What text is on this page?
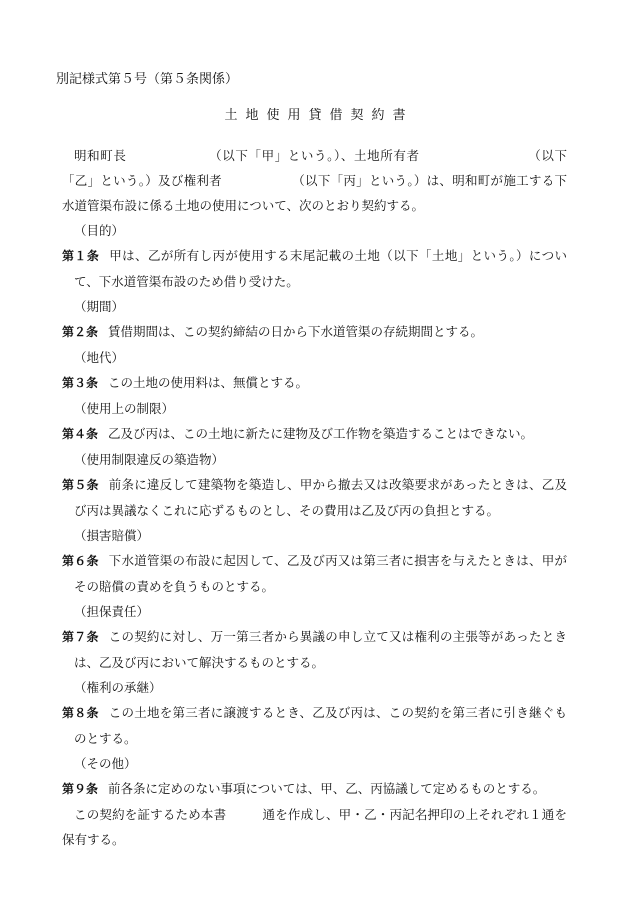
別記様式第５号（第５条関係）
土地使用貸借契約書

明和町長	（以下「甲」という。）、土地所有者	（以下「乙」という。）及び権利者	（以下「丙」という。）は、明和町が施工する下水道管渠布設に係る土地の使用について、次のとおり契約する。

（目的）

第１条 甲は、乙が所有し丙が使用する末尾記載の土地（以下「土地」という。）について、下水道管渠布設のため借り受けた。

（期間）

第２条 賃借期間は、この契約締結の日から下水道管渠の存続期間とする。

（地代）

第３条 この土地の使用料は、無償とする。

（使用上の制限）

第４条 乙及び丙は、この土地に新たに建物及び工作物を築造することはできない。

（使用制限違反の築造物）

第５条 前条に違反して建築物を築造し、甲から撤去又は改築要求があったときは、乙及び丙は異議なくこれに応ずるものとし、その費用は乙及び丙の負担とする。

（損害賠償）

第６条 下水道管渠の布設に起因して、乙及び丙又は第三者に損害を与えたときは、甲がその賠償の責めを負うものとする。

（担保責任）

第７条 この契約に対し、万一第三者から異議の申し立て又は権利の主張等があったときは、乙及び丙において解決するものとする。

（権利の承継）

第８条 この土地を第三者に譲渡するとき、乙及び丙は、この契約を第三者に引き継ぐものとする。

（その他）

第９条 前各条に定めのない事項については、甲、乙、丙協議して定めるものとする。

この契約を証するため本書	通を作成し、甲・乙・丙記名押印の上それぞれ１通を保有する。
